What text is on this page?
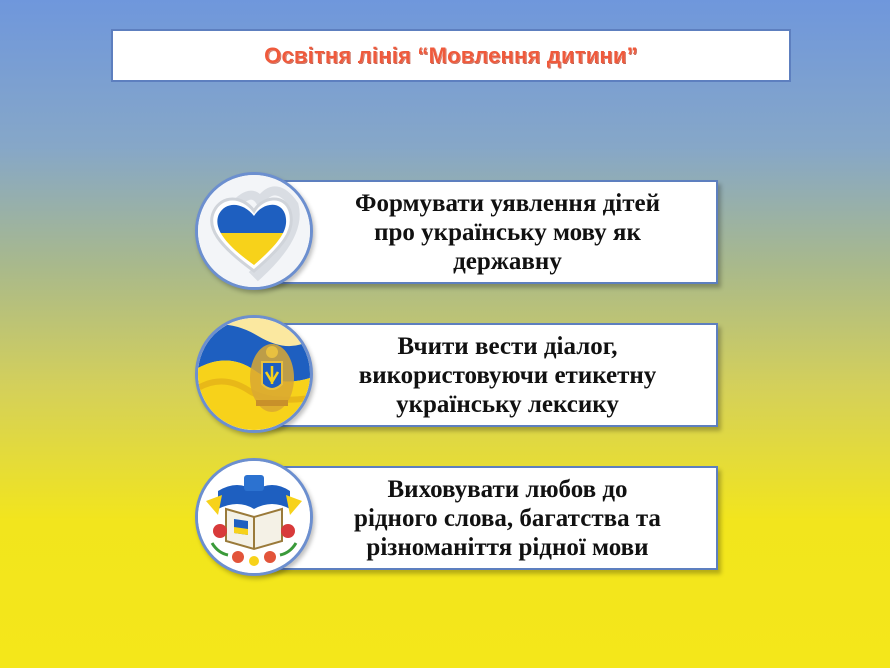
Освітня лінія “Мовлення дитини”
Формувати уявлення дітей
про українську мову як
державну
Вчити вести діалог,
використовуючи етикетну
українську лексику
Виховувати любов до
рідного слова, багатства та
різноманіття рідної мови
